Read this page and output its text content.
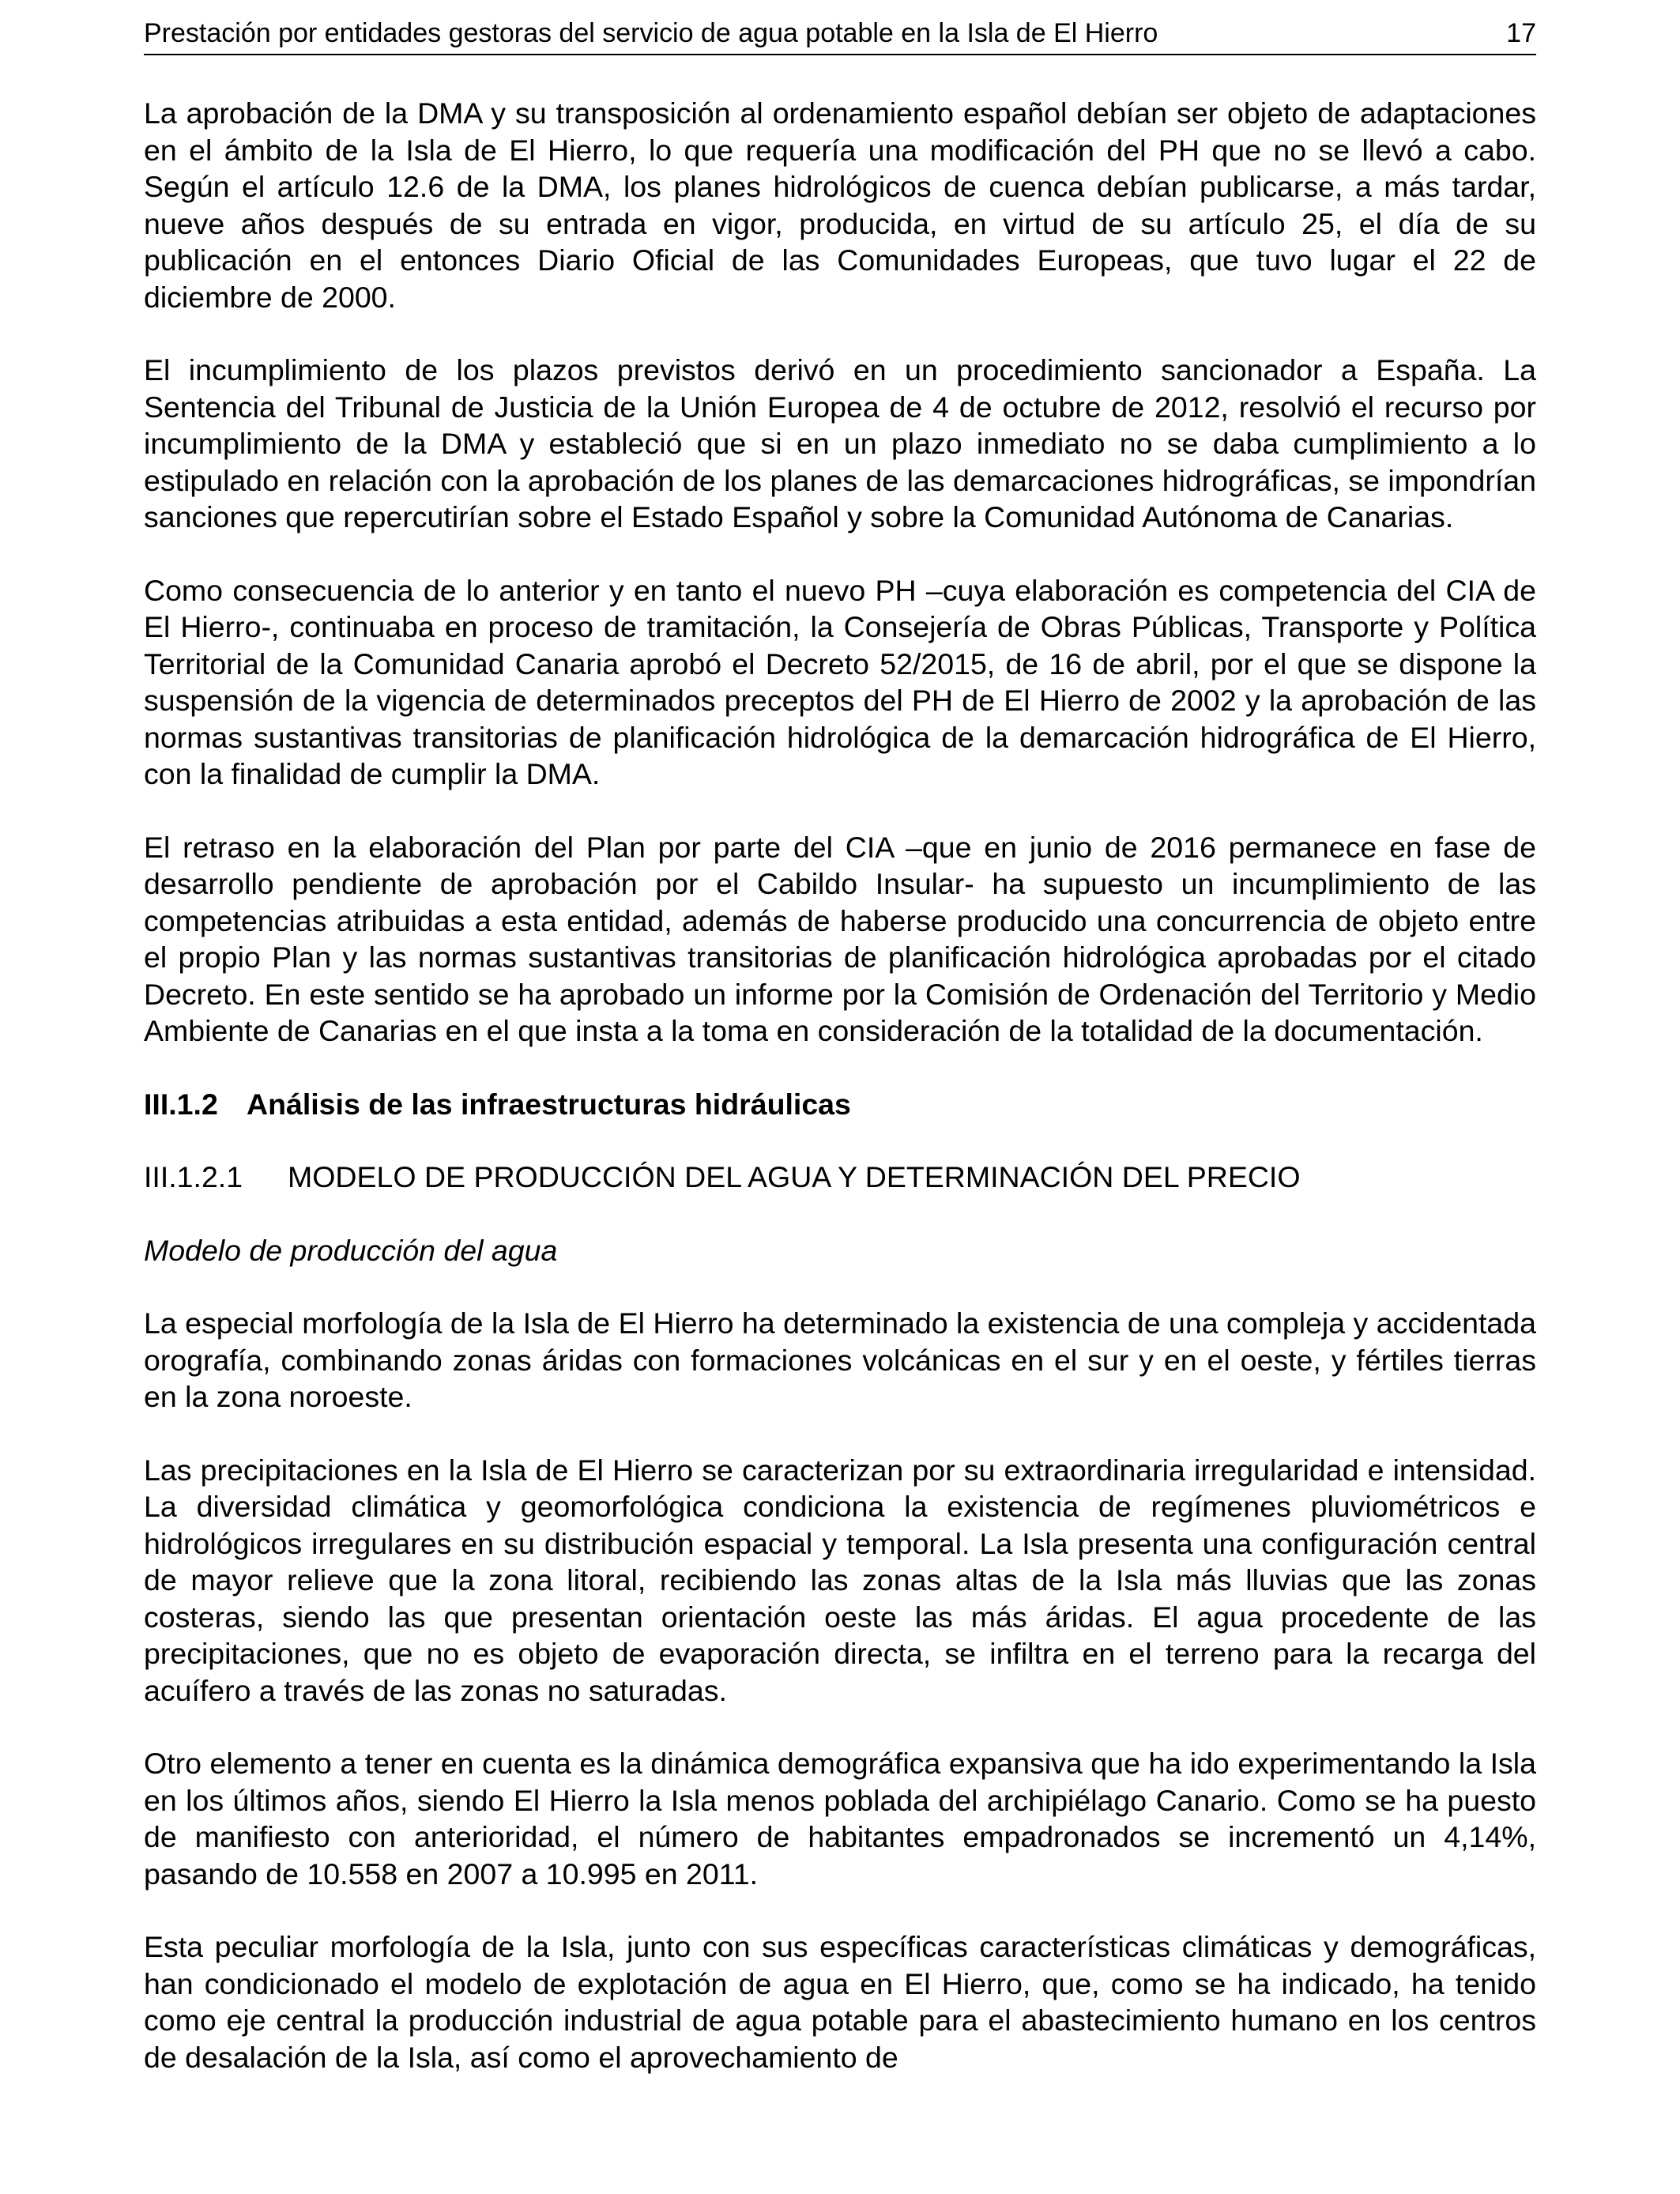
Prestación por entidades gestoras del servicio de agua potable en la Isla de El Hierro	17

La aprobación de la DMA y su transposición al ordenamiento español debían ser objeto de adaptaciones en el ámbito de la Isla de El Hierro, lo que requería una modificación del PH que no se llevó a cabo. Según el artículo 12.6 de la DMA, los planes hidrológicos de cuenca debían publicarse, a más tardar, nueve años después de su entrada en vigor, producida, en virtud de su artículo 25, el día de su publicación en el entonces Diario Oficial de las Comunidades Europeas, que tuvo lugar el 22 de diciembre de 2000.

El incumplimiento de los plazos previstos derivó en un procedimiento sancionador a España. La Sentencia del Tribunal de Justicia de la Unión Europea de 4 de octubre de 2012, resolvió el recurso por incumplimiento de la DMA y estableció que si en un plazo inmediato no se daba cumplimiento a lo estipulado en relación con la aprobación de los planes de las demarcaciones hidrográficas, se impondrían sanciones que repercutirían sobre el Estado Español y sobre la Comunidad Autónoma de Canarias.

Como consecuencia de lo anterior y en tanto el nuevo PH –cuya elaboración es competencia del CIA de El Hierro-, continuaba en proceso de tramitación, la Consejería de Obras Públicas, Transporte y Política Territorial de la Comunidad Canaria aprobó el Decreto 52/2015, de 16 de abril, por el que se dispone la suspensión de la vigencia de determinados preceptos del PH de El Hierro de 2002 y la aprobación de las normas sustantivas transitorias de planificación hidrológica de la demarcación hidrográfica de El Hierro, con la finalidad de cumplir la DMA.

El retraso en la elaboración del Plan por parte del CIA –que en junio de 2016 permanece en fase de desarrollo pendiente de aprobación por el Cabildo Insular- ha supuesto un incumplimiento de las competencias atribuidas a esta entidad, además de haberse producido una concurrencia de objeto entre el propio Plan y las normas sustantivas transitorias de planificación hidrológica aprobadas por el citado Decreto. En este sentido se ha aprobado un informe por la Comisión de Ordenación del Territorio y Medio Ambiente de Canarias en el que insta a la toma en consideración de la totalidad de la documentación.

III.1.2 Análisis de las infraestructuras hidráulicas
III.1.2.1 MODELO DE PRODUCCIÓN DEL AGUA Y DETERMINACIÓN DEL PRECIO
Modelo de producción del agua

La especial morfología de la Isla de El Hierro ha determinado la existencia de una compleja y accidentada orografía, combinando zonas áridas con formaciones volcánicas en el sur y en el oeste, y fértiles tierras en la zona noroeste.

Las precipitaciones en la Isla de El Hierro se caracterizan por su extraordinaria irregularidad e intensidad. La diversidad climática y geomorfológica condiciona la existencia de regímenes pluviométricos e hidrológicos irregulares en su distribución espacial y temporal. La Isla presenta una configuración central de mayor relieve que la zona litoral, recibiendo las zonas altas de la Isla más lluvias que las zonas costeras, siendo las que presentan orientación oeste las más áridas. El agua procedente de las precipitaciones, que no es objeto de evaporación directa, se infiltra en el terreno para la recarga del acuífero a través de las zonas no saturadas.

Otro elemento a tener en cuenta es la dinámica demográfica expansiva que ha ido experimentando la Isla en los últimos años, siendo El Hierro la Isla menos poblada del archipiélago Canario. Como se ha puesto de manifiesto con anterioridad, el número de habitantes empadronados se incrementó un 4,14%, pasando de 10.558 en 2007 a 10.995 en 2011.

Esta peculiar morfología de la Isla, junto con sus específicas características climáticas y demográficas, han condicionado el modelo de explotación de agua en El Hierro, que, como se ha indicado, ha tenido como eje central la producción industrial de agua potable para el abastecimiento humano en los centros de desalación de la Isla, así como el aprovechamiento de
